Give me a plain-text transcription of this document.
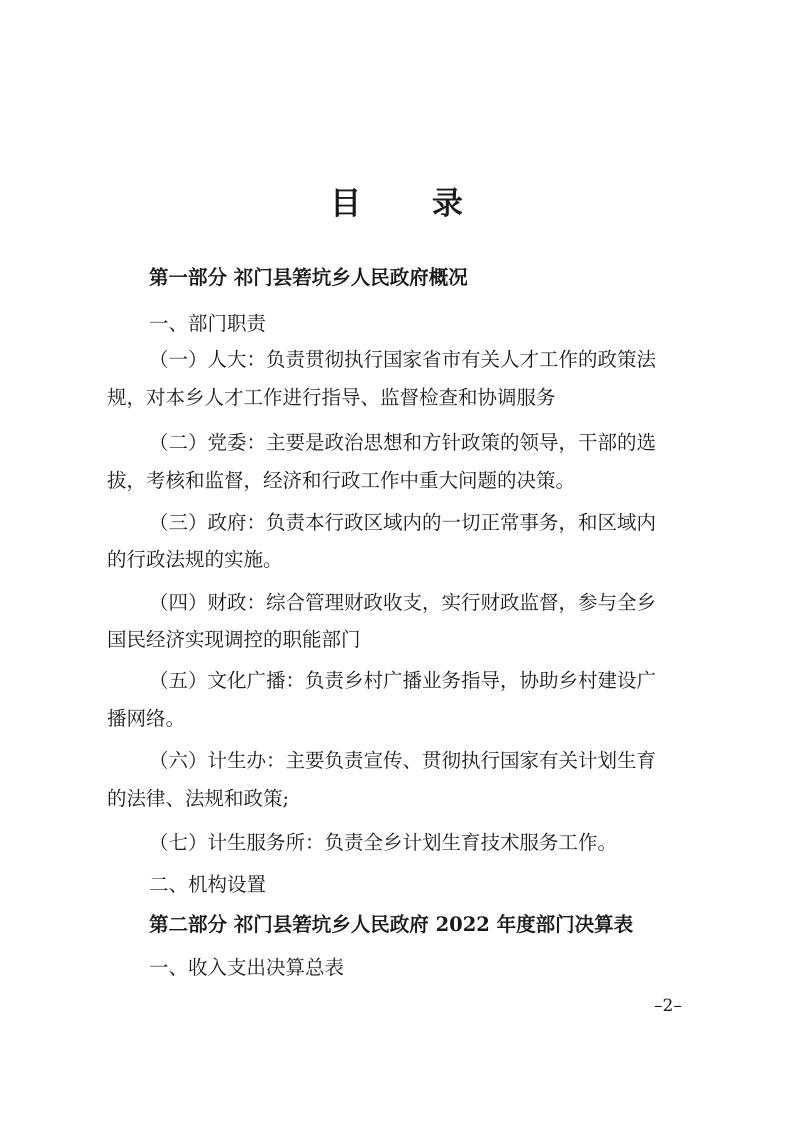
目 录
第一部分 祁门县箬坑乡人民政府概况
一、部门职责
（一）人大：负责贯彻执行国家省市有关人才工作的政策法
规，对本乡人才工作进行指导、监督检查和协调服务
（二）党委：主要是政治思想和方针政策的领导，干部的选
拔，考核和监督，经济和行政工作中重大问题的决策。
（三）政府：负责本行政区域内的一切正常事务，和区域内
的行政法规的实施。
（四）财政：综合管理财政收支，实行财政监督，参与全乡
国民经济实现调控的职能部门
（五）文化广播：负责乡村广播业务指导，协助乡村建设广
播网络。
（六）计生办：主要负责宣传、贯彻执行国家有关计划生育
的法律、法规和政策;
（七）计生服务所：负责全乡计划生育技术服务工作。
二、机构设置
第二部分 祁门县箬坑乡人民政府 2022 年度部门决算表
一、收入支出决算总表
–2–
